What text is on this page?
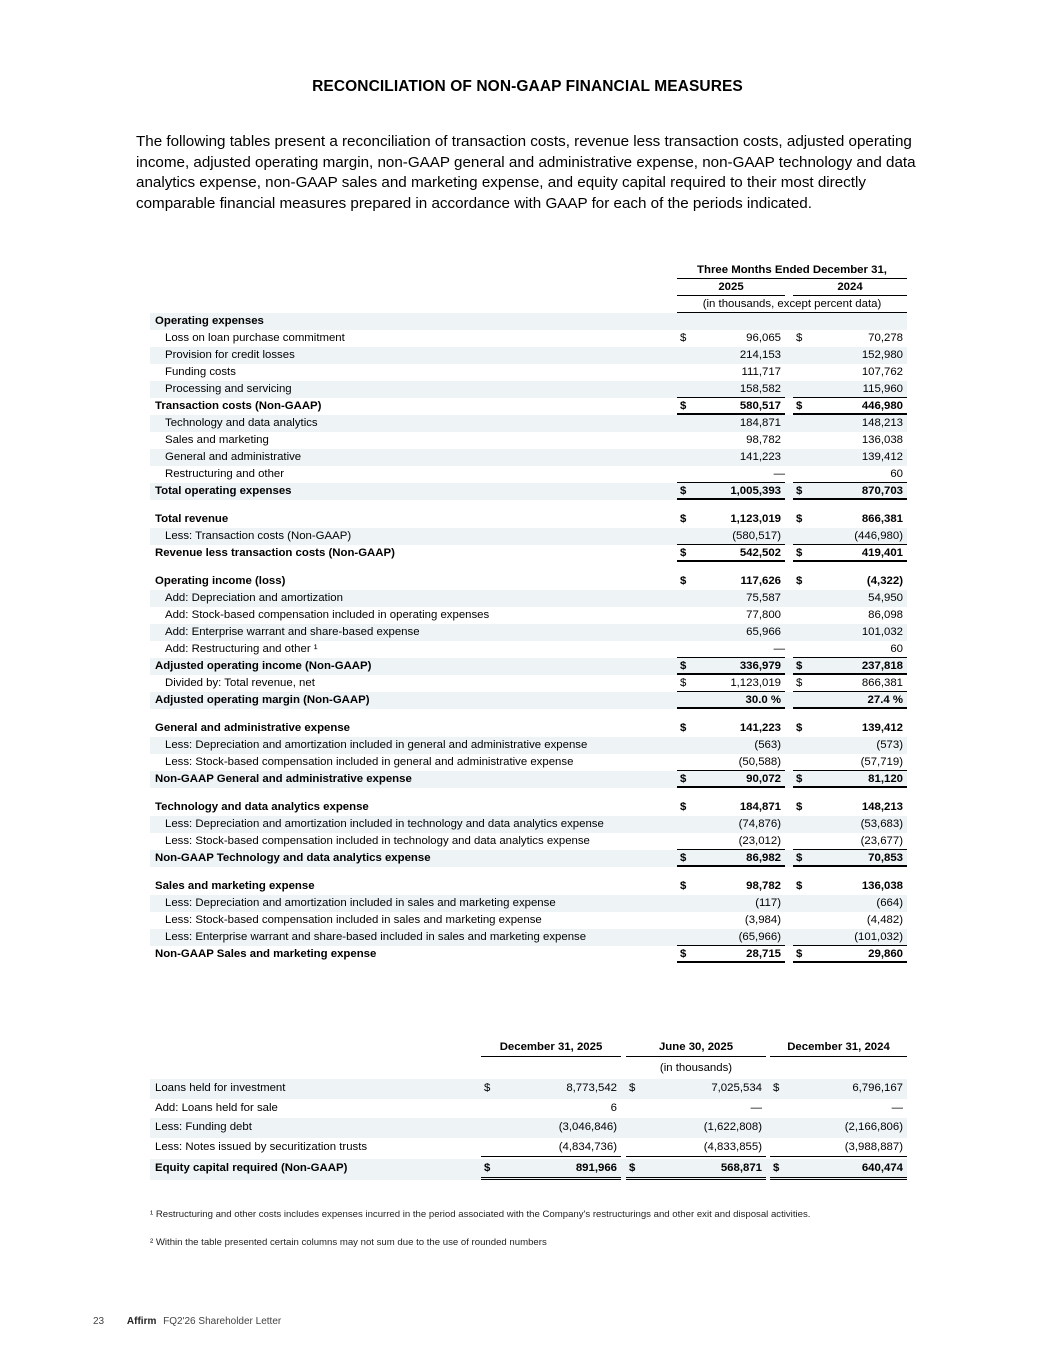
RECONCILIATION OF NON-GAAP FINANCIAL MEASURES
The following tables present a reconciliation of transaction costs, revenue less transaction costs, adjusted operating income, adjusted operating margin, non-GAAP general and administrative expense, non-GAAP technology and data analytics expense, non-GAAP sales and marketing expense, and equity capital required to their most directly comparable financial measures prepared in accordance with GAAP for each of the periods indicated.
Three Months Ended December 31,
2025	2024
(in thousands, except percent data)
Operating expenses
Loss on loan purchase commitment	$	96,065 $	70,278
Provision for credit losses	214,153	152,980
Funding costs	111,717	107,762
Processing and servicing	158,582	115,960
Transaction costs (Non-GAAP)	$	580,517 $	446,980
Technology and data analytics	184,871	148,213
Sales and marketing	98,782	136,038
General and administrative	141,223	139,412
Restructuring and other	—	60
Total operating expenses	$	1,005,393 $	870,703
Total revenue	$	1,123,019 $	866,381
Less: Transaction costs (Non-GAAP)	(580,517)	(446,980)
Revenue less transaction costs (Non-GAAP)	$	542,502 $	419,401
Operating income (loss)	$	117,626 $	(4,322)
Add: Depreciation and amortization	75,587	54,950
Add: Stock-based compensation included in operating expenses	77,800	86,098
Add: Enterprise warrant and share-based expense	65,966	101,032
Add: Restructuring and other ¹	—	60
Adjusted operating income (Non-GAAP)	$	336,979 $	237,818
Divided by: Total revenue, net	$	1,123,019 $	866,381
Adjusted operating margin (Non-GAAP)	30.0 %	27.4 %
General and administrative expense	$	141,223 $	139,412
Less: Depreciation and amortization included in general and administrative expense	(563)	(573)
Less: Stock-based compensation included in general and administrative expense	(50,588)	(57,719)
Non-GAAP General and administrative expense	$	90,072 $	81,120
Technology and data analytics expense	$	184,871 $	148,213
Less: Depreciation and amortization included in technology and data analytics expense	(74,876)	(53,683)
Less: Stock-based compensation included in technology and data analytics expense	(23,012)	(23,677)
Non-GAAP Technology and data analytics expense	$	86,982 $	70,853
Sales and marketing expense	$	98,782 $	136,038
Less: Depreciation and amortization included in sales and marketing expense	(117)	(664)
Less: Stock-based compensation included in sales and marketing expense	(3,984)	(4,482)
Less: Enterprise warrant and share-based included in sales and marketing expense	(65,966)	(101,032)
Non-GAAP Sales and marketing expense	$	28,715 $	29,860
December 31, 2025	June 30, 2025	December 31, 2024
(in thousands)
Loans held for investment	$	8,773,542 $	7,025,534 $	6,796,167
Add: Loans held for sale	6	—	—
Less: Funding debt	(3,046,846)	(1,622,808)	(2,166,806)
Less: Notes issued by securitization trusts	(4,834,736)	(4,833,855)	(3,988,887)
Equity capital required (Non-GAAP)	$	891,966 $	568,871 $	640,474
¹ Restructuring and other costs includes expenses incurred in the period associated with the Company's restructurings and other exit and disposal activities.
² Within the table presented certain columns may not sum due to the use of rounded numbers
23 Affirm FQ2'26 Shareholder Letter
